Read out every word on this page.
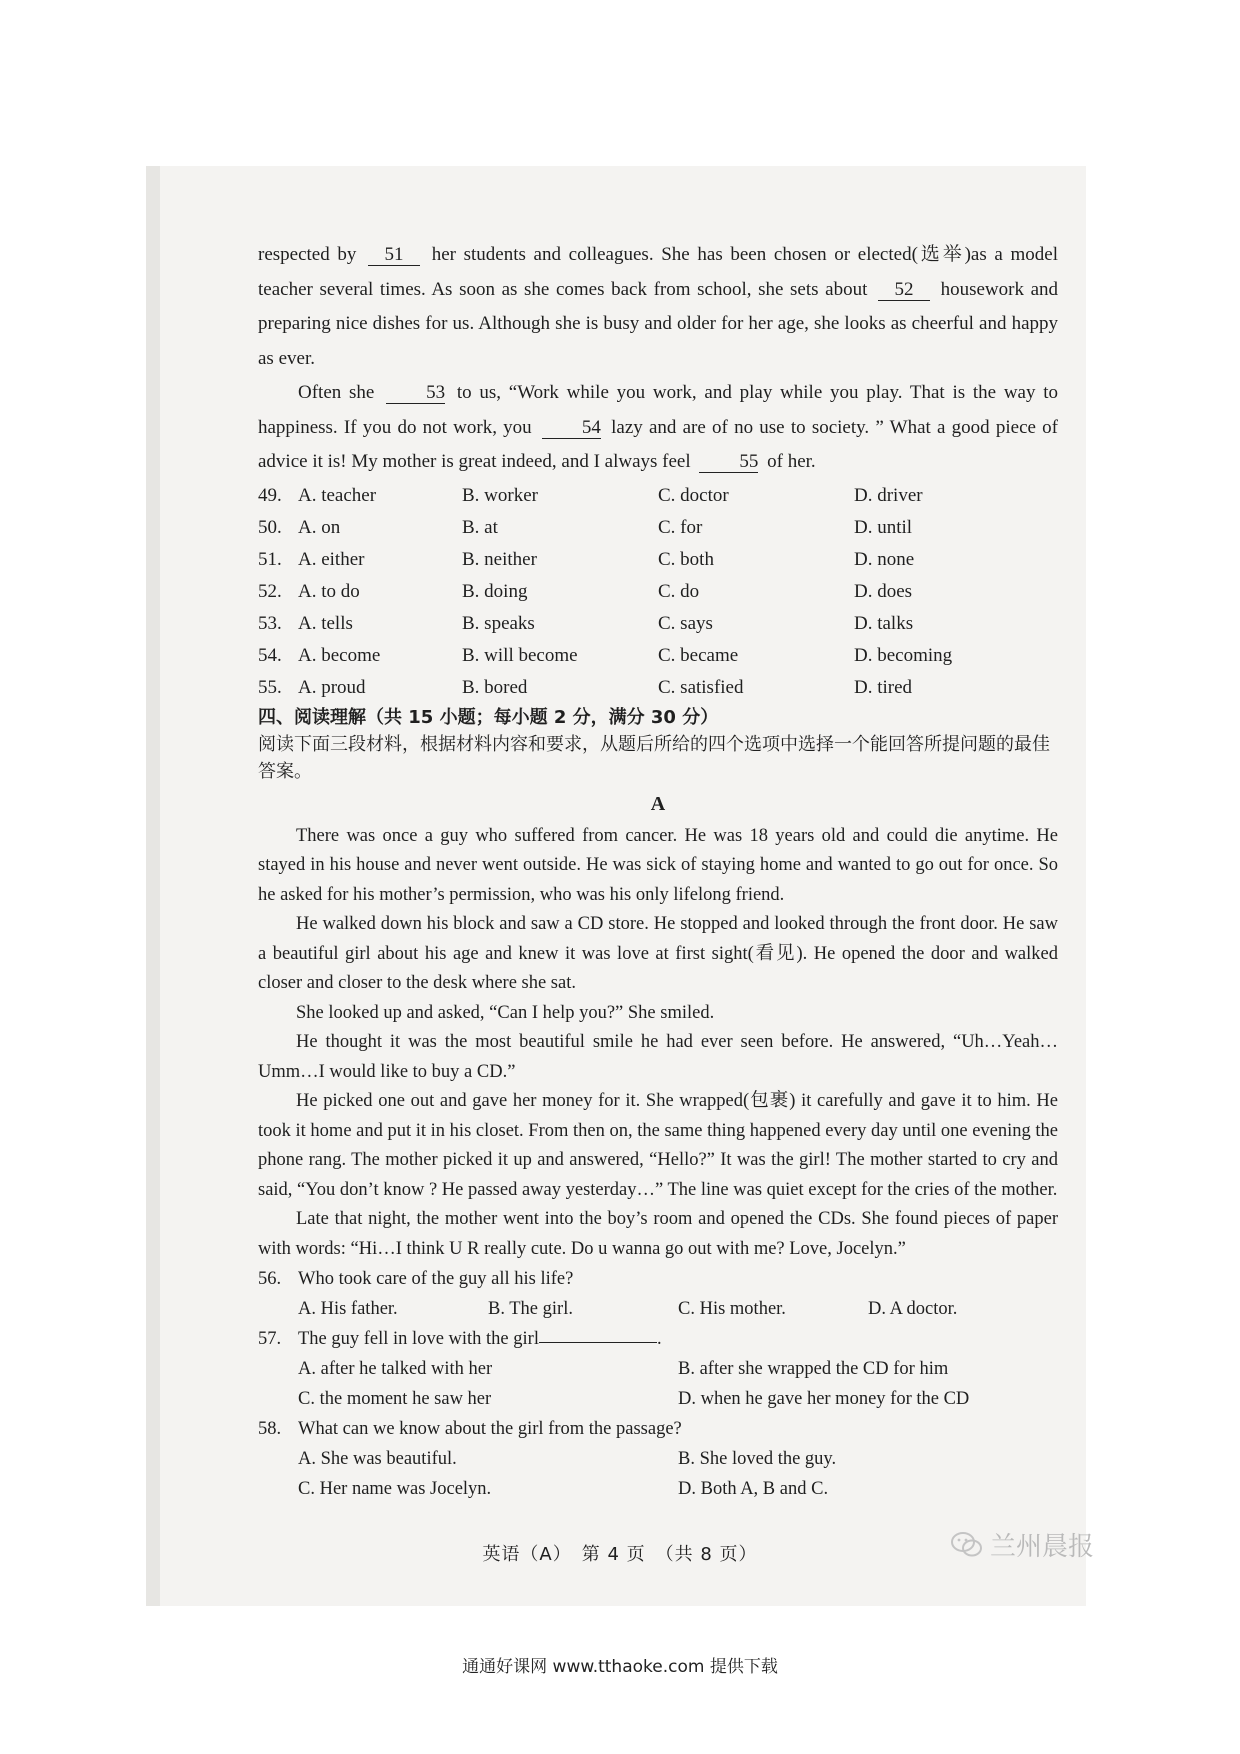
respected by 51 her students and colleagues. She has been chosen or elected(选举)as a model teacher several times. As soon as she comes back from school, she sets about 52 housework and preparing nice dishes for us. Although she is busy and older for her age, she looks as cheerful and happy as ever.

Often she	53 to us, “Work while you work, and play while you play. That is the way to happiness. If you do not work, you	54 lazy and are of no use to society. ” What a good piece of advice it is! My mother is great indeed, and I always feel	55 of her.

49. A. teacher	B. worker	C. doctor	D. driver
50. A. on	B. at	C. for	D. until
51. A. either	B. neither	C. both	D. none
52. A. to do	B. doing	C. do	D. does
53. A. tells	B. speaks	C. says	D. talks
54. A. become	B. will become	C. became	D. becoming
55. A. proud	B. bored	C. satisfied	D. tired
四、阅读理解（共 15 小题；每小题 2 分，满分 30 分）
阅读下面三段材料，根据材料内容和要求，从题后所给的四个选项中选择一个能回答所提问题的最佳答案。
A

There was once a guy who suffered from cancer. He was 18 years old and could die anytime. He stayed in his house and never went outside. He was sick of staying home and wanted to go out for once. So he asked for his mother’s permission, who was his only lifelong friend.

He walked down his block and saw a CD store. He stopped and looked through the front door. He saw a beautiful girl about his age and knew it was love at first sight(看见). He opened the door and walked closer and closer to the desk where she sat.

She looked up and asked, “Can I help you?” She smiled.

He thought it was the most beautiful smile he had ever seen before. He answered, “Uh…Yeah…Umm…I would like to buy a CD.”

He picked one out and gave her money for it. She wrapped(包裹) it carefully and gave it to him. He took it home and put it in his closet. From then on, the same thing happened every day until one evening the phone rang. The mother picked it up and answered, “Hello?” It was the girl! The mother started to cry and said, “You don’t know ? He passed away yesterday…” The line was quiet except for the cries of the mother.

Late that night, the mother went into the boy’s room and opened the CDs. She found pieces of paper with words: “Hi…I think U R really cute. Do u wanna go out with me? Love, Jocelyn.”

56. Who took care of the guy all his life?
A. His father.	B. The girl.	C. His mother.	D. A doctor.
57. The guy fell in love with the girl	.
A. after he talked with her	B. after she wrapped the CD for him
C. the moment he saw her	D. when he gave her money for the CD
58. What can we know about the girl from the passage?
A. She was beautiful.	B. She loved the guy.
C. Her name was Jocelyn.	D. Both A, B and C.
英语（A）　第 4 页　（共 8 页）	兰州晨报
通通好课网 www.tthaoke.com 提供下载
